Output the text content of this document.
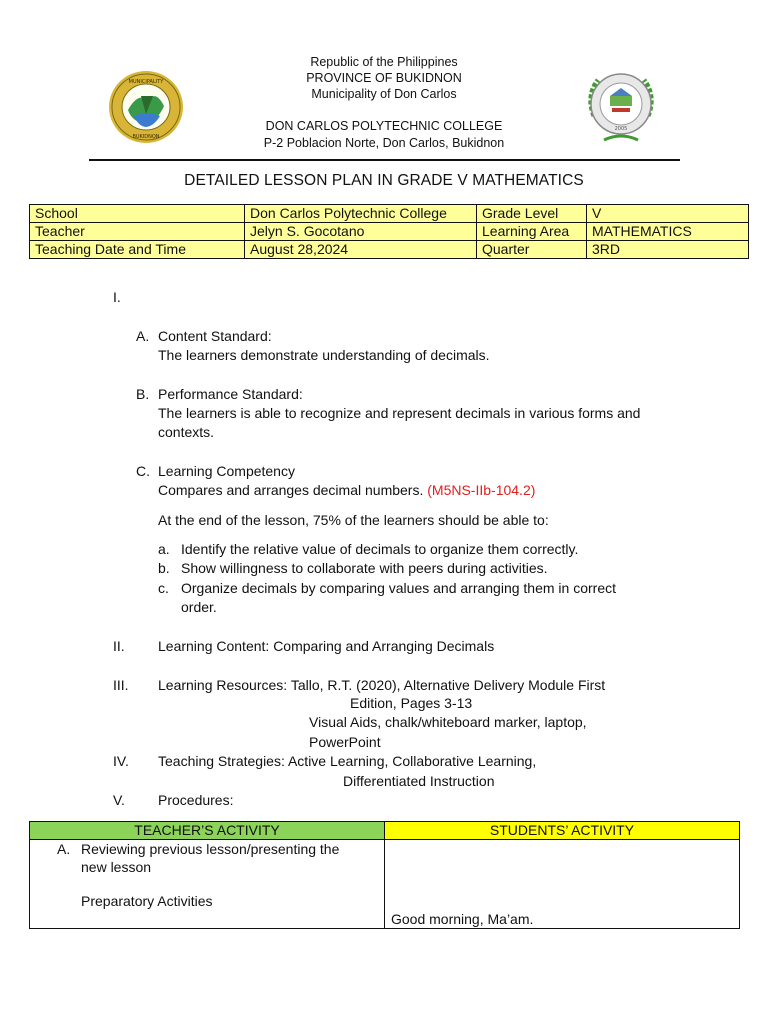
MUNICIPALITY
BUKIDNON
2005
Republic of the Philippines
PROVINCE OF BUKIDNON
Municipality of Don Carlos
DON CARLOS POLYTECHNIC COLLEGE
P-2 Poblacion Norte, Don Carlos, Bukidnon
DETAILED LESSON PLAN IN GRADE V MATHEMATICS
School	Don Carlos Polytechnic College	Grade Level	V
Teacher	Jelyn S. Gocotano	Learning Area	MATHEMATICS
Teaching Date and Time	August 28,2024	Quarter	3RD
I.
A. Content Standard:
The learners demonstrate understanding of decimals.
B. Performance Standard:
The learners is able to recognize and represent decimals in various forms and
contexts.
C. Learning Competency
Compares and arranges decimal numbers. (M5NS-IIb-104.2)
At the end of the lesson, 75% of the learners should be able to:
a. Identify the relative value of decimals to organize them correctly.
b. Show willingness to collaborate with peers during activities.
c. Organize decimals by comparing values and arranging them in correct
order.
II. Learning Content: Comparing and Arranging Decimals
III. Learning Resources: Tallo, R.T. (2020), Alternative Delivery Module First
Edition, Pages 3-13
Visual Aids, chalk/whiteboard marker, laptop,
PowerPoint
IV. Teaching Strategies: Active Learning, Collaborative Learning,
Differentiated Instruction
V. Procedures:
TEACHER’S ACTIVITY	STUDENTS’ ACTIVITY

A. Reviewing previous lesson/presenting the
new lesson
Preparatory Activities	Good morning, Ma’am.
